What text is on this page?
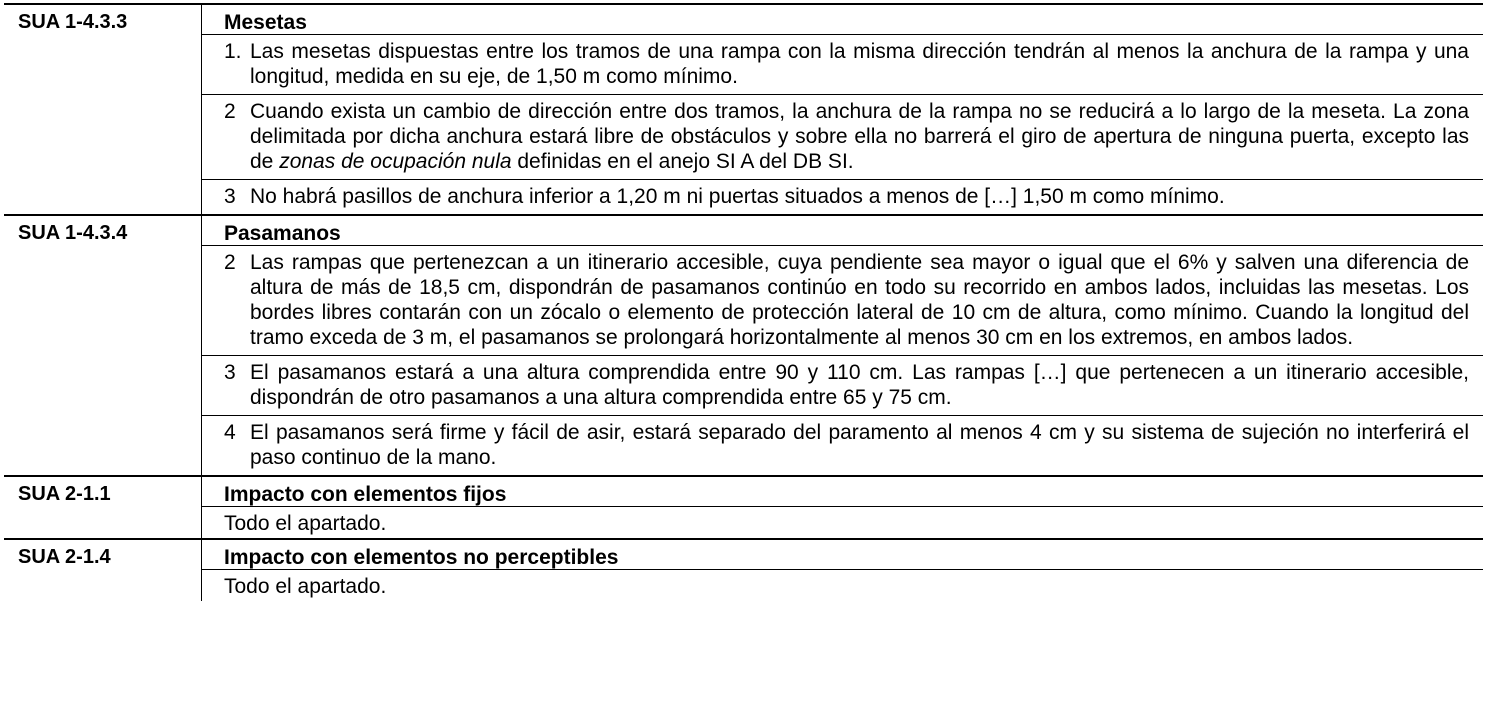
SUA 1-4.3.3	Mesetas
1. Las mesetas dispuestas entre los tramos de una rampa con la misma dirección tendrán al menos la anchura de la rampa y una longitud, medida en su eje, de 1,50 m como mínimo.
2 Cuando exista un cambio de dirección entre dos tramos, la anchura de la rampa no se reducirá a lo largo de la meseta. La zona delimitada por dicha anchura estará libre de obstáculos y sobre ella no barrerá el giro de apertura de ninguna puerta, excepto las de zonas de ocupación nula definidas en el anejo SI A del DB SI.
3 No habrá pasillos de anchura inferior a 1,20 m ni puertas situados a menos de […] 1,50 m como mínimo.
SUA 1-4.3.4	Pasamanos
2 Las rampas que pertenezcan a un itinerario accesible, cuya pendiente sea mayor o igual que el 6% y salven una diferencia de altura de más de 18,5 cm, dispondrán de pasamanos continúo en todo su recorrido en ambos lados, incluidas las mesetas. Los bordes libres contarán con un zócalo o elemento de protección lateral de 10 cm de altura, como mínimo. Cuando la longitud del tramo exceda de 3 m, el pasamanos se prolongará horizontalmente al menos 30 cm en los extremos, en ambos lados.
3 El pasamanos estará a una altura comprendida entre 90 y 110 cm. Las rampas […] que pertenecen a un itinerario accesible, dispondrán de otro pasamanos a una altura comprendida entre 65 y 75 cm.
4 El pasamanos será firme y fácil de asir, estará separado del paramento al menos 4 cm y su sistema de sujeción no interferirá el paso continuo de la mano.
SUA 2-1.1	Impacto con elementos fijos
Todo el apartado.
SUA 2-1.4	Impacto con elementos no perceptibles
Todo el apartado.
